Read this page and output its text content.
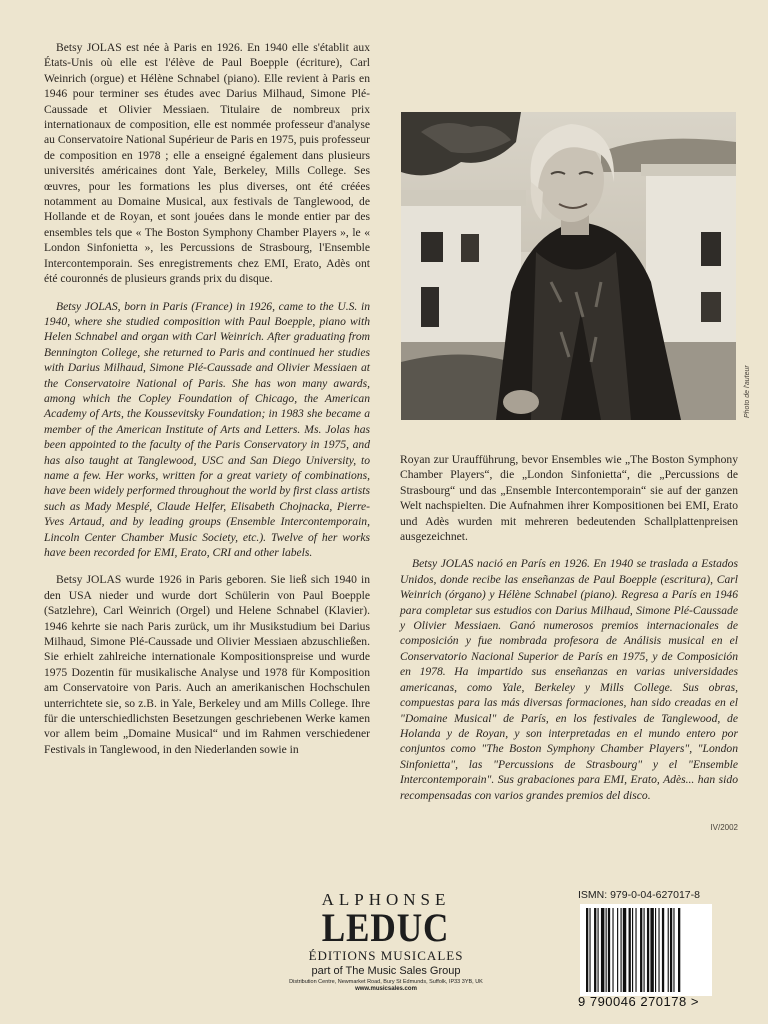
Betsy JOLAS est née à Paris en 1926. En 1940 elle s'établit aux États-Unis où elle est l'élève de Paul Boepple (écriture), Carl Weinrich (orgue) et Hélène Schnabel (piano). Elle revient à Paris en 1946 pour terminer ses études avec Darius Milhaud, Simone Plé-Caussade et Olivier Messiaen. Titulaire de nombreux prix internationaux de composition, elle est nommée professeur d'analyse au Conservatoire National Supérieur de Paris en 1975, puis professeur de composition en 1978 ; elle a enseigné également dans plusieurs universités américaines dont Yale, Berkeley, Mills College. Ses œuvres, pour les formations les plus diverses, ont été créées notamment au Domaine Musical, aux festivals de Tanglewood, de Hollande et de Royan, et sont jouées dans le monde entier par des ensembles tels que « The Boston Symphony Chamber Players », le « London Sinfonietta », les Percussions de Strasbourg, l'Ensemble Intercontemporain. Ses enregistrements chez EMI, Erato, Adès ont été couronnés de plusieurs grands prix du disque.

Betsy JOLAS, born in Paris (France) in 1926, came to the U.S. in 1940, where she studied composition with Paul Boepple, piano with Helen Schnabel and organ with Carl Weinrich. After graduating from Bennington College, she returned to Paris and continued her studies with Darius Milhaud, Simone Plé-Caussade and Olivier Messiaen at the Conservatoire National of Paris. She has won many awards, among which the Copley Foundation of Chicago, the American Academy of Arts, the Koussevitsky Foundation; in 1983 she became a member of the American Institute of Arts and Letters. Ms. Jolas has been appointed to the faculty of the Paris Conservatory in 1975, and has also taught at Tanglewood, USC and San Diego University, to name a few. Her works, written for a great variety of combinations, have been widely performed throughout the world by first class artists such as Mady Mesplé, Claude Helfer, Elisabeth Chojnacka, Pierre-Yves Artaud, and by leading groups (Ensemble Intercontemporain, Lincoln Center Chamber Music Society, etc.). Twelve of her works have been recorded for EMI, Erato, CRI and other labels.

Betsy JOLAS wurde 1926 in Paris geboren. Sie ließ sich 1940 in den USA nieder und wurde dort Schülerin von Paul Boepple (Satzlehre), Carl Weinrich (Orgel) und Helene Schnabel (Klavier). 1946 kehrte sie nach Paris zurück, um ihr Musikstudium bei Darius Milhaud, Simone Plé-Caussade und Olivier Messiaen abzuschließen. Sie erhielt zahlreiche internationale Kompositionspreise und wurde 1975 Dozentin für musikalische Analyse und 1978 für Komposition am Conservatoire von Paris. Auch an amerikanischen Hochschulen unterrichtete sie, so z.B. in Yale, Berkeley und am Mills College. Ihre für die unterschiedlichsten Besetzungen geschriebenen Werke kamen vor allem beim „Domaine Musical“ und im Rahmen verschiedener Festivals in Tanglewood, in den Niederlanden sowie in

Photo de l'auteur

Royan zur Uraufführung, bevor Ensembles wie „The Boston Symphony Chamber Players“, die „London Sinfonietta“, die „Percussions de Strasbourg“ und das „Ensemble Intercontemporain“ sie auf der ganzen Welt nachspielten. Die Aufnahmen ihrer Kompositionen bei EMI, Erato und Adès wurden mit mehreren bedeutenden Schallplattenpreisen ausgezeichnet.

Betsy JOLAS nació en París en 1926. En 1940 se traslada a Estados Unidos, donde recibe las enseñanzas de Paul Boepple (escritura), Carl Weinrich (órgano) y Hélène Schnabel (piano). Regresa a París en 1946 para completar sus estudios con Darius Milhaud, Simone Plé-Caussade y Olivier Messiaen. Ganó numerosos premios internacionales de composición y fue nombrada profesora de Análisis musical en el Conservatorio Nacional Superior de París en 1975, y de Composición en 1978. Ha impartido sus enseñanzas en varias universidades americanas, como Yale, Berkeley y Mills College. Sus obras, compuestas para las más diversas formaciones, han sido creadas en el "Domaine Musical" de París, en los festivales de Tanglewood, de Holanda y de Royan, y son interpretadas en el mundo entero por conjuntos como "The Boston Symphony Chamber Players", "London Sinfonietta", las "Percussions de Strasbourg" y el "Ensemble Intercontemporain". Sus grabaciones para EMI, Erato, Adès... han sido recompensadas con varios grandes premios del disco.

IV/2002
ALPHONSE
LEDUC
ÉDITIONS MUSICALES
part of The Music Sales Group
Distribution Centre, Newmarket Road, Bury St Edmunds, Suffolk, IP33 3YB, UK
www.musicsales.com
ISMN: 979-0-04-627017-8
9 790046 270178 >
